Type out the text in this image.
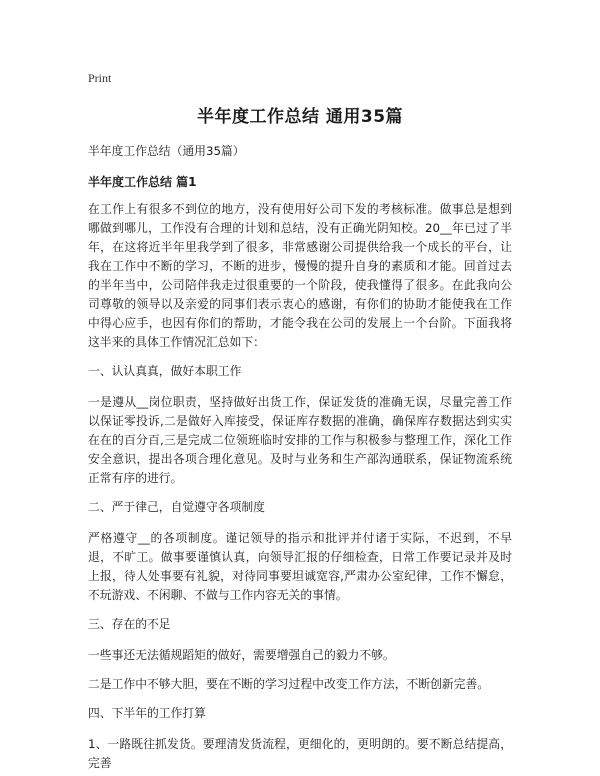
Print
半年度工作总结 通用35篇
半年度工作总结（通用35篇）
半年度工作总结 篇1
在工作上有很多不到位的地方，没有使用好公司下发的考核标准。做事总是想到哪做到哪儿，工作没有合理的计划和总结，没有正确光阴知校。20__年已过了半年，在这将近半年里我学到了很多，非常感谢公司提供给我一个成长的平台，让我在工作中不断的学习，不断的进步，慢慢的提升自身的素质和才能。回首过去的半年当中，公司陪伴我走过很重要的一个阶段，使我懂得了很多。在此我向公司尊敬的领导以及亲爱的同事们表示衷心的感谢，有你们的协助才能使我在工作中得心应手，也因有你们的帮助，才能令我在公司的发展上一个台阶。下面我将这半来的具体工作情况汇总如下：
一、认认真真，做好本职工作
一是遵从__岗位职责，坚持做好出货工作，保证发货的准确无误，尽量完善工作以保证零投诉,二是做好入库接受，保证库存数据的准确，确保库存数据达到实实在在的百分百,三是完成二位领班临时安排的工作与积极参与整理工作，深化工作安全意识，提出各项合理化意见。及时与业务和生产部沟通联系，保证物流系统正常有序的进行。
二、严于律己，自觉遵守各项制度
严格遵守__的各项制度。谨记领导的指示和批评并付诸于实际，不迟到，不早退，不旷工。做事要谨慎认真，向领导汇报的仔细检查，日常工作要记录并及时上报，待人处事要有礼貌，对待同事要坦诚宽容,严肃办公室纪律，工作不懈怠，不玩游戏、不闲聊、不做与工作内容无关的事情。
三、存在的不足
一些事还无法循规蹈矩的做好，需要增强自己的毅力不够。
二是工作中不够大胆，要在不断的学习过程中改变工作方法，不断创新完善。
四、下半年的工作打算
1、一路既往抓发货。要理清发货流程，更细化的，更明朗的。要不断总结提高，完善
